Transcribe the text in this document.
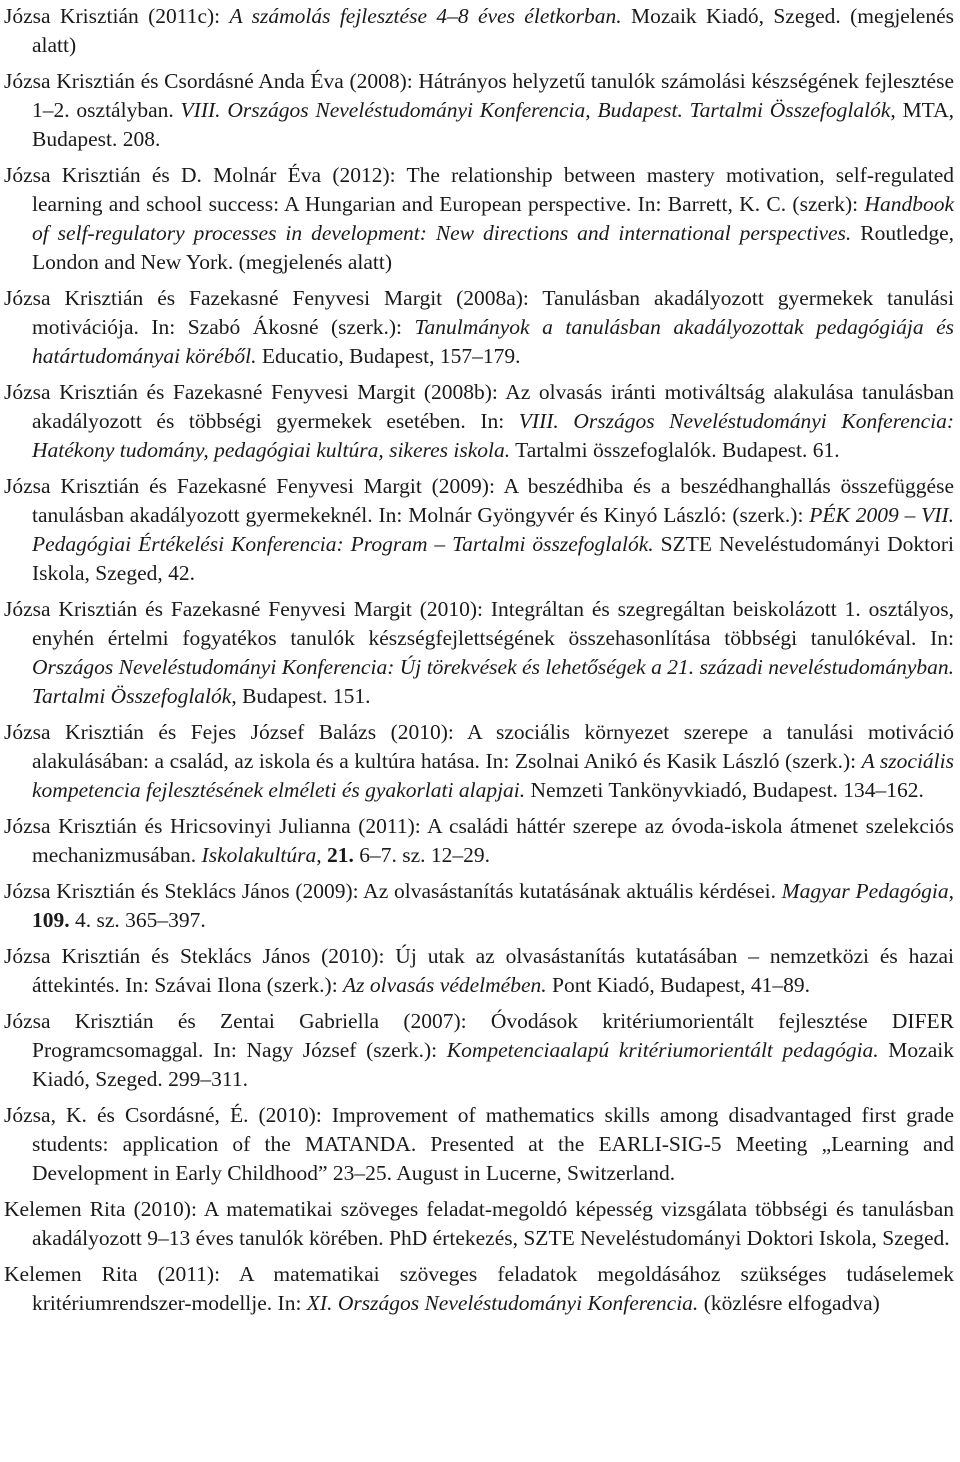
Józsa Krisztián (2011c): A számolás fejlesztése 4–8 éves életkorban. Mozaik Kiadó, Szeged. (megjelenés alatt)

Józsa Krisztián és Csordásné Anda Éva (2008): Hátrányos helyzetű tanulók számolási készségének fejlesztése 1–2. osztályban. VIII. Országos Neveléstudományi Konferencia, Budapest. Tartalmi Összefoglalók, MTA, Budapest. 208.

Józsa Krisztián és D. Molnár Éva (2012): The relationship between mastery motivation, self-regulated learning and school success: A Hungarian and European perspective. In: Barrett, K. C. (szerk): Handbook of self-regulatory processes in development: New directions and international perspectives. Routledge, London and New York. (megjelenés alatt)

Józsa Krisztián és Fazekasné Fenyvesi Margit (2008a): Tanulásban akadályozott gyermekek tanulási motivációja. In: Szabó Ákosné (szerk.): Tanulmányok a tanulásban akadályozottak pedagógiája és határtudományai köréből. Educatio, Budapest, 157–179.

Józsa Krisztián és Fazekasné Fenyvesi Margit (2008b): Az olvasás iránti motiváltság alakulása tanulásban akadályozott és többségi gyermekek esetében. In: VIII. Országos Neveléstudományi Konferencia: Hatékony tudomány, pedagógiai kultúra, sikeres iskola. Tartalmi összefoglalók. Budapest. 61.

Józsa Krisztián és Fazekasné Fenyvesi Margit (2009): A beszédhiba és a beszédhanghallás összefüggése tanulásban akadályozott gyermekeknél. In: Molnár Gyöngyvér és Kinyó László: (szerk.): PÉK 2009 – VII. Pedagógiai Értékelési Konferencia: Program – Tartalmi összefoglalók. SZTE Neveléstudományi Doktori Iskola, Szeged, 42.

Józsa Krisztián és Fazekasné Fenyvesi Margit (2010): Integráltan és szegregáltan beiskolázott 1. osztályos, enyhén értelmi fogyatékos tanulók készségfejlettségének összehasonlítása többségi tanulókéval. In: Országos Neveléstudományi Konferencia: Új törekvések és lehetőségek a 21. századi neveléstudományban. Tartalmi Összefoglalók, Budapest. 151.

Józsa Krisztián és Fejes József Balázs (2010): A szociális környezet szerepe a tanulási motiváció alakulásában: a család, az iskola és a kultúra hatása. In: Zsolnai Anikó és Kasik László (szerk.): A szociális kompetencia fejlesztésének elméleti és gyakorlati alapjai. Nemzeti Tankönyvkiadó, Budapest. 134–162.

Józsa Krisztián és Hricsovinyi Julianna (2011): A családi háttér szerepe az óvoda-iskola átmenet szelekciós mechanizmusában. Iskolakultúra, 21. 6–7. sz. 12–29.

Józsa Krisztián és Steklács János (2009): Az olvasástanítás kutatásának aktuális kérdései. Magyar Pedagógia, 109. 4. sz. 365–397.

Józsa Krisztián és Steklács János (2010): Új utak az olvasástanítás kutatásában – nemzetközi és hazai áttekintés. In: Szávai Ilona (szerk.): Az olvasás védelmében. Pont Kiadó, Budapest, 41–89.

Józsa Krisztián és Zentai Gabriella (2007): Óvodások kritériumorientált fejlesztése DIFER Programcsomaggal. In: Nagy József (szerk.): Kompetenciaalapú kritériumorientált pedagógia. Mozaik Kiadó, Szeged. 299–311.

Józsa, K. és Csordásné, É. (2010): Improvement of mathematics skills among disadvantaged first grade students: application of the MATANDA. Presented at the EARLI-SIG-5 Meeting „Learning and Development in Early Childhood” 23–25. August in Lucerne, Switzerland.

Kelemen Rita (2010): A matematikai szöveges feladat-megoldó képesség vizsgálata többségi és tanulásban akadályozott 9–13 éves tanulók körében. PhD értekezés, SZTE Neveléstudományi Doktori Iskola, Szeged.

Kelemen Rita (2011): A matematikai szöveges feladatok megoldásához szükséges tudáselemek kritériumrendszer-modellje. In: XI. Országos Neveléstudományi Konferencia. (közlésre elfogadva)
